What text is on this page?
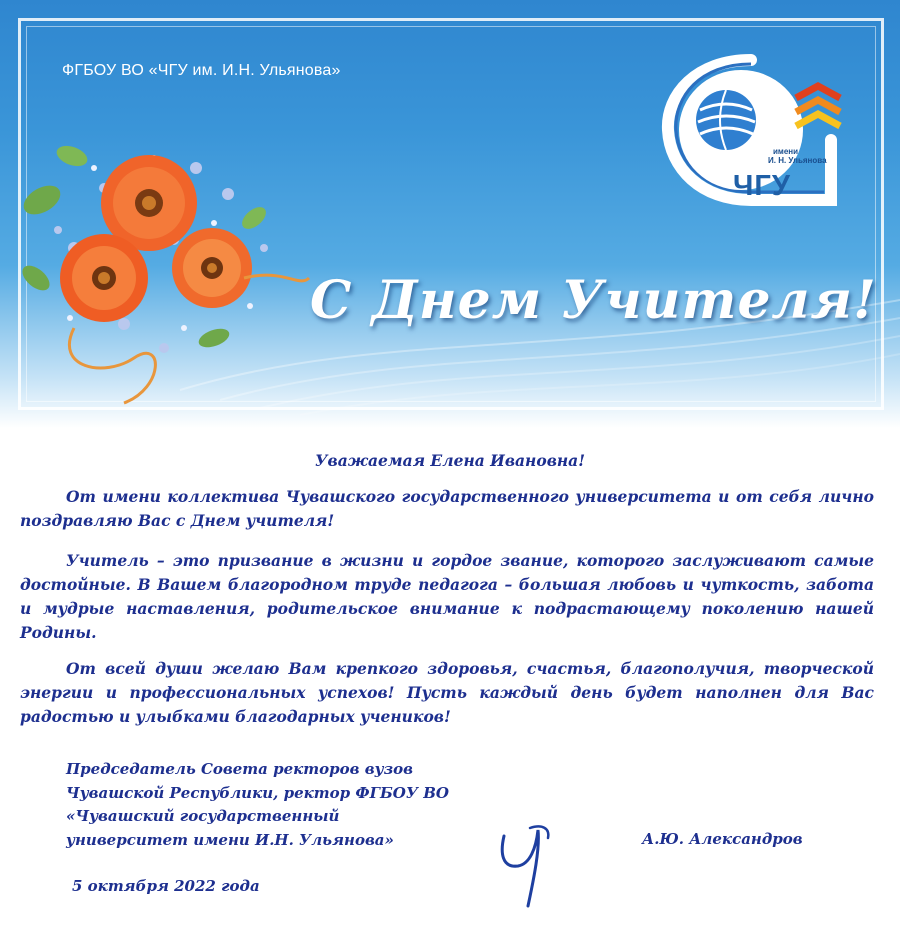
ФГБОУ ВО «ЧГУ им. И.Н. Ульянова»
имени
И. Н. Ульянова
ЧГУ
С Днем Учителя!
Уважаемая Елена Ивановна!

От имени коллектива Чувашского государственного университета и от себя лично поздравляю Вас с Днем учителя!

Учитель – это призвание в жизни и гордое звание, которого заслуживают самые достойные. В Вашем благородном труде педагога – большая любовь и чуткость, забота и мудрые наставления, родительское внимание к подрастающему поколению нашей Родины.

От всей души желаю Вам крепкого здоровья, счастья, благополучия, творческой энергии и профессиональных успехов! Пусть каждый день будет наполнен для Вас радостью и улыбками благодарных учеников!

Председатель Совета ректоров вузов
Чувашской Республики, ректор ФГБОУ ВО
«Чувашский государственный
университет имени И.Н. Ульянова»	А.Ю. Александров
5 октября 2022 года
